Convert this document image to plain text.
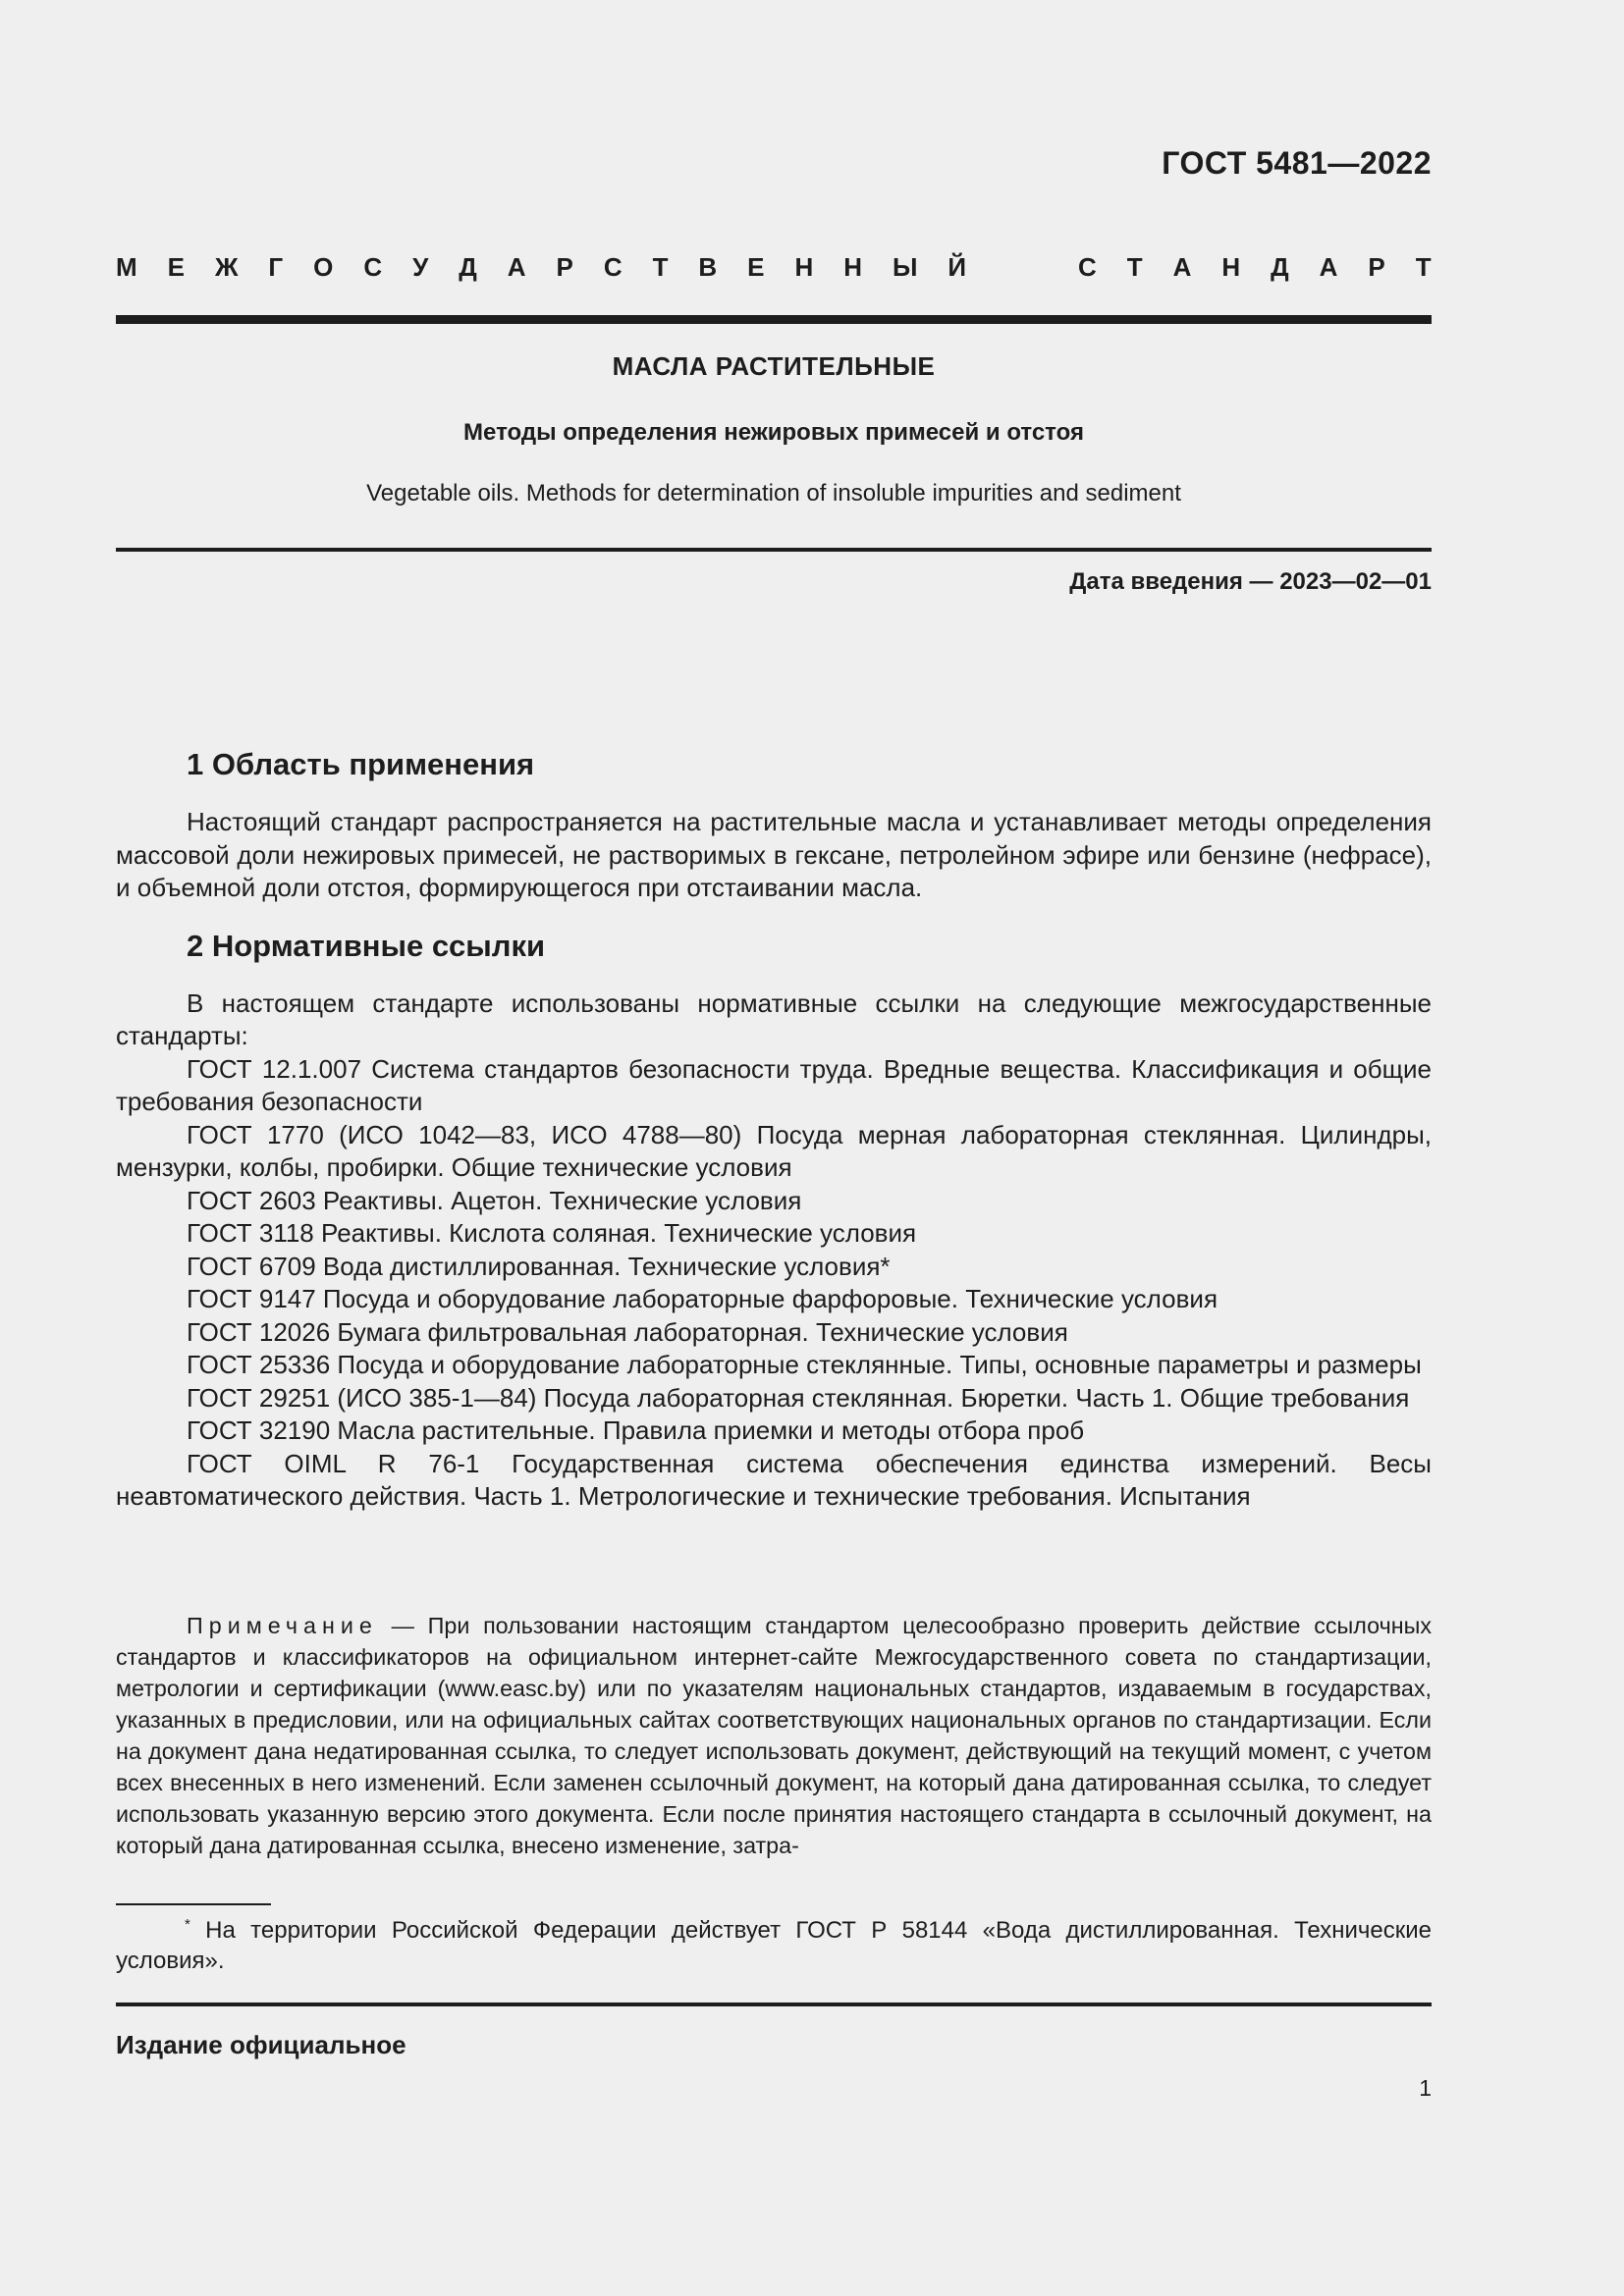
ГОСТ 5481—2022
М Е Ж Г О С У Д А Р С Т В Е Н Н Ы Й	С Т А Н Д А Р Т
МАСЛА РАСТИТЕЛЬНЫЕ
Методы определения нежировых примесей и отстоя
Vegetable oils. Methods for determination of insoluble impurities and sediment
Дата введения — 2023—02—01
1 Область применения

Настоящий стандарт распространяется на растительные масла и устанавливает методы определения массовой доли нежировых примесей, не растворимых в гексане, петролейном эфире или бензине (нефрасе), и объемной доли отстоя, формирующегося при отстаивании масла.

2 Нормативные ссылки

В настоящем стандарте использованы нормативные ссылки на следующие межгосударственные стандарты:

ГОСТ 12.1.007 Система стандартов безопасности труда. Вредные вещества. Классификация и общие требования безопасности

ГОСТ 1770 (ИСО 1042—83, ИСО 4788—80) Посуда мерная лабораторная стеклянная. Цилиндры, мензурки, колбы, пробирки. Общие технические условия

ГОСТ 2603 Реактивы. Ацетон. Технические условия

ГОСТ 3118 Реактивы. Кислота соляная. Технические условия

ГОСТ 6709 Вода дистиллированная. Технические условия*

ГОСТ 9147 Посуда и оборудование лабораторные фарфоровые. Технические условия

ГОСТ 12026 Бумага фильтровальная лабораторная. Технические условия

ГОСТ 25336 Посуда и оборудование лабораторные стеклянные. Типы, основные параметры и размеры

ГОСТ 29251 (ИСО 385-1—84) Посуда лабораторная стеклянная. Бюретки. Часть 1. Общие требования

ГОСТ 32190 Масла растительные. Правила приемки и методы отбора проб

ГОСТ OIML R 76-1 Государственная система обеспечения единства измерений. Весы неавтоматического действия. Часть 1. Метрологические и технические требования. Испытания

Примечание — При пользовании настоящим стандартом целесообразно проверить действие ссылочных стандартов и классификаторов на официальном интернет-сайте Межгосударственного совета по стандартизации, метрологии и сертификации (www.easc.by) или по указателям национальных стандартов, издаваемым в государствах, указанных в предисловии, или на официальных сайтах соответствующих национальных органов по стандартизации. Если на документ дана недатированная ссылка, то следует использовать документ, действующий на текущий момент, с учетом всех внесенных в него изменений. Если заменен ссылочный документ, на который дана датированная ссылка, то следует использовать указанную версию этого документа. Если после принятия настоящего стандарта в ссылочный документ, на который дана датированная ссылка, внесено изменение, затра-

* На территории Российской Федерации действует ГОСТ Р 58144 «Вода дистиллированная. Технические условия».

Издание официальное
1
